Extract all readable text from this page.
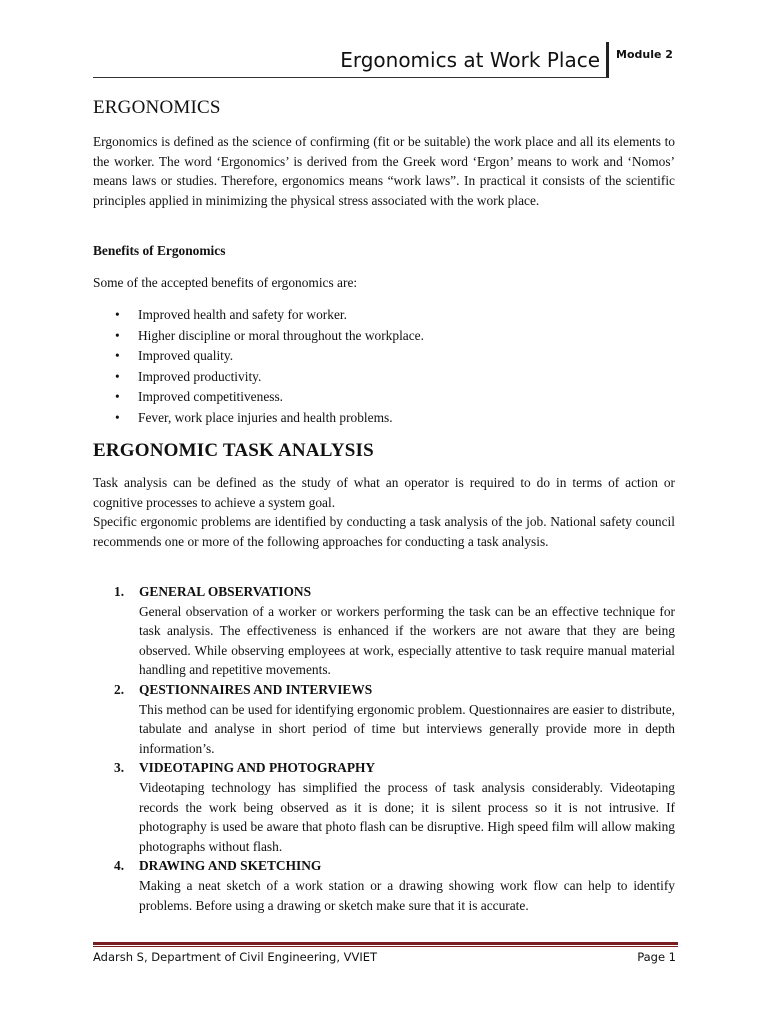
Ergonomics at Work Place Module 2
ERGONOMICS
Ergonomics is defined as the science of confirming (fit or be suitable) the work place and all its elements to the worker. The word ‘Ergonomics’ is derived from the Greek word ‘Ergon’ means to work and ‘Nomos’ means laws or studies. Therefore, ergonomics means “work laws”. In practical it consists of the scientific principles applied in minimizing the physical stress associated with the work place.
Benefits of Ergonomics
Some of the accepted benefits of ergonomics are:
• Improved health and safety for worker.
• Higher discipline or moral throughout the workplace.
• Improved quality.
• Improved productivity.
• Improved competitiveness.
• Fever, work place injuries and health problems.
ERGONOMIC TASK ANALYSIS
Task analysis can be defined as the study of what an operator is required to do in terms of action or cognitive processes to achieve a system goal.
Specific ergonomic problems are identified by conducting a task analysis of the job. National safety council recommends one or more of the following approaches for conducting a task analysis.
1. GENERAL OBSERVATIONS
General observation of a worker or workers performing the task can be an effective technique for task analysis. The effectiveness is enhanced if the workers are not aware that they are being observed. While observing employees at work, especially attentive to task require manual material handling and repetitive movements.
2. QESTIONNAIRES AND INTERVIEWS
This method can be used for identifying ergonomic problem. Questionnaires are easier to distribute, tabulate and analyse in short period of time but interviews generally provide more in depth information’s.
3. VIDEOTAPING AND PHOTOGRAPHY
Videotaping technology has simplified the process of task analysis considerably. Videotaping records the work being observed as it is done; it is silent process so it is not intrusive. If photography is used be aware that photo flash can be disruptive. High speed film will allow making photographs without flash.
4. DRAWING AND SKETCHING
Making a neat sketch of a work station or a drawing showing work flow can help to identify problems. Before using a drawing or sketch make sure that it is accurate.
Adarsh S, Department of Civil Engineering, VVIET	Page 1
